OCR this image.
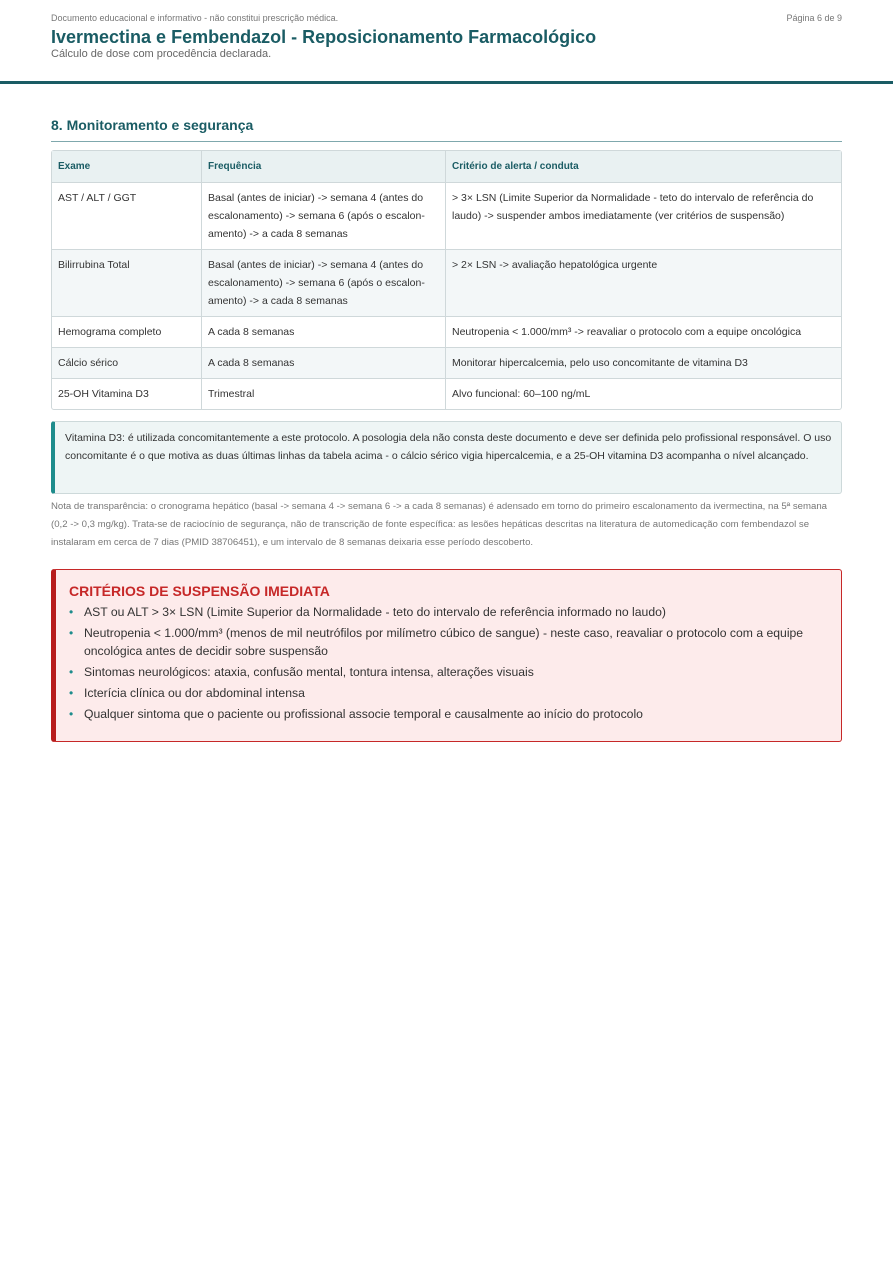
Documento educacional e informativo - não constitui prescrição médica.	Página 6 de 9
Ivermectina e Fembendazol - Reposicionamento Farmacológico
Cálculo de dose com procedência declarada.
8. Monitoramento e segurança
Exame	Frequência	Critério de alerta / conduta
AST / ALT / GGT	Basal (antes de iniciar) -> semana 4 (antes do escalonamento) -> semana 6 (após o escalonamento) -> a cada 8 semanas	> 3× LSN (Limite Superior da Normalidade - teto do intervalo de referência do laudo) -> suspender ambos imediatamente (ver critérios de suspensão)
Bilirrubina Total	Basal (antes de iniciar) -> semana 4 (antes do escalonamento) -> semana 6 (após o escalonamento) -> a cada 8 semanas	> 2× LSN -> avaliação hepatológica urgente
Hemograma completo	A cada 8 semanas	Neutropenia < 1.000/mm³ -> reavaliar o protocolo com a equipe oncológica
Cálcio sérico	A cada 8 semanas	Monitorar hipercalcemia, pelo uso concomitante de vitamina D3
25-OH Vitamina D3	Trimestral	Alvo funcional: 60–100 ng/mL
Vitamina D3: é utilizada concomitantemente a este protocolo. A posologia dela não consta deste documento e deve ser definida pelo profissional responsável. O uso concomitante é o que motiva as duas últimas linhas da tabela acima - o cálcio sérico vigia hipercalcemia, e a 25-OH vitamina D3 acompanha o nível alcançado.
Nota de transparência: o cronograma hepático (basal -> semana 4 -> semana 6 -> a cada 8 semanas) é adensado em torno do primeiro escalonamento da ivermectina, na 5ª semana (0,2 -> 0,3 mg/kg). Trata-se de raciocínio de segurança, não de transcrição de fonte específica: as lesões hepáticas descritas na literatura de automedicação com fembendazol se instalaram em cerca de 7 dias (PMID 38706451), e um intervalo de 8 semanas deixaria esse período descoberto.
CRITÉRIOS DE SUSPENSÃO IMEDIATA
• AST ou ALT > 3× LSN (Limite Superior da Normalidade - teto do intervalo de referência informado no laudo)
• Neutropenia < 1.000/mm³ (menos de mil neutrófilos por milímetro cúbico de sangue) - neste caso, reavaliar o protocolo com a equipe oncológica antes de decidir sobre suspensão
• Sintomas neurológicos: ataxia, confusão mental, tontura intensa, alterações visuais
• Icterícia clínica ou dor abdominal intensa
• Qualquer sintoma que o paciente ou profissional associe temporal e causalmente ao início do protocolo
